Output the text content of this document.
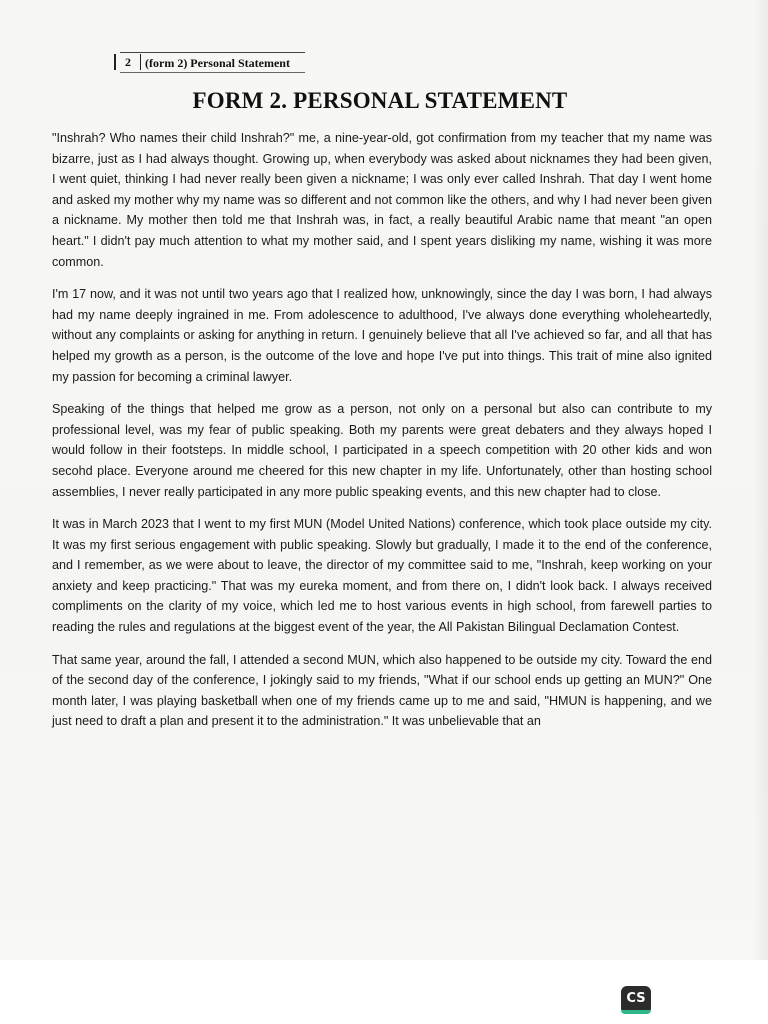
2 (form 2) Personal Statement
FORM 2. PERSONAL STATEMENT

"Inshrah? Who names their child Inshrah?" me, a nine-year-old, got confirmation from my teacher that my name was bizarre, just as I had always thought. Growing up, when everybody was asked about nicknames they had been given, I went quiet, thinking I had never really been given a nickname; I was only ever called Inshrah. That day I went home and asked my mother why my name was so different and not common like the others, and why I had never been given a nickname. My mother then told me that Inshrah was, in fact, a really beautiful Arabic name that meant "an open heart." I didn't pay much attention to what my mother said, and I spent years disliking my name, wishing it was more common.

I'm 17 now, and it was not until two years ago that I realized how, unknowingly, since the day I was born, I had always had my name deeply ingrained in me. From adolescence to adulthood, I've always done everything wholeheartedly, without any complaints or asking for anything in return. I genuinely believe that all I've achieved so far, and all that has helped my growth as a person, is the outcome of the love and hope I've put into things. This trait of mine also ignited my passion for becoming a criminal lawyer.

Speaking of the things that helped me grow as a person, not only on a personal but also can contribute to my professional level, was my fear of public speaking. Both my parents were great debaters and they always hoped I would follow in their footsteps. In middle school, I participated in a speech competition with 20 other kids and won secohd place. Everyone around me cheered for this new chapter in my life. Unfortunately, other than hosting school assemblies, I never really participated in any more public speaking events, and this new chapter had to close.

It was in March 2023 that I went to my first MUN (Model United Nations) conference, which took place outside my city. It was my first serious engagement with public speaking. Slowly but gradually, I made it to the end of the conference, and I remember, as we were about to leave, the director of my committee said to me, "Inshrah, keep working on your anxiety and keep practicing." That was my eureka moment, and from there on, I didn't look back. I always received compliments on the clarity of my voice, which led me to host various events in high school, from farewell parties to reading the rules and regulations at the biggest event of the year, the All Pakistan Bilingual Declamation Contest.

That same year, around the fall, I attended a second MUN, which also happened to be outside my city. Toward the end of the second day of the conference, I jokingly said to my friends, "What if our school ends up getting an MUN?" One month later, I was playing basketball when one of my friends came up to me and said, "HMUN is happening, and we just need to draft a plan and present it to the administration." It was unbelievable that an

CS
